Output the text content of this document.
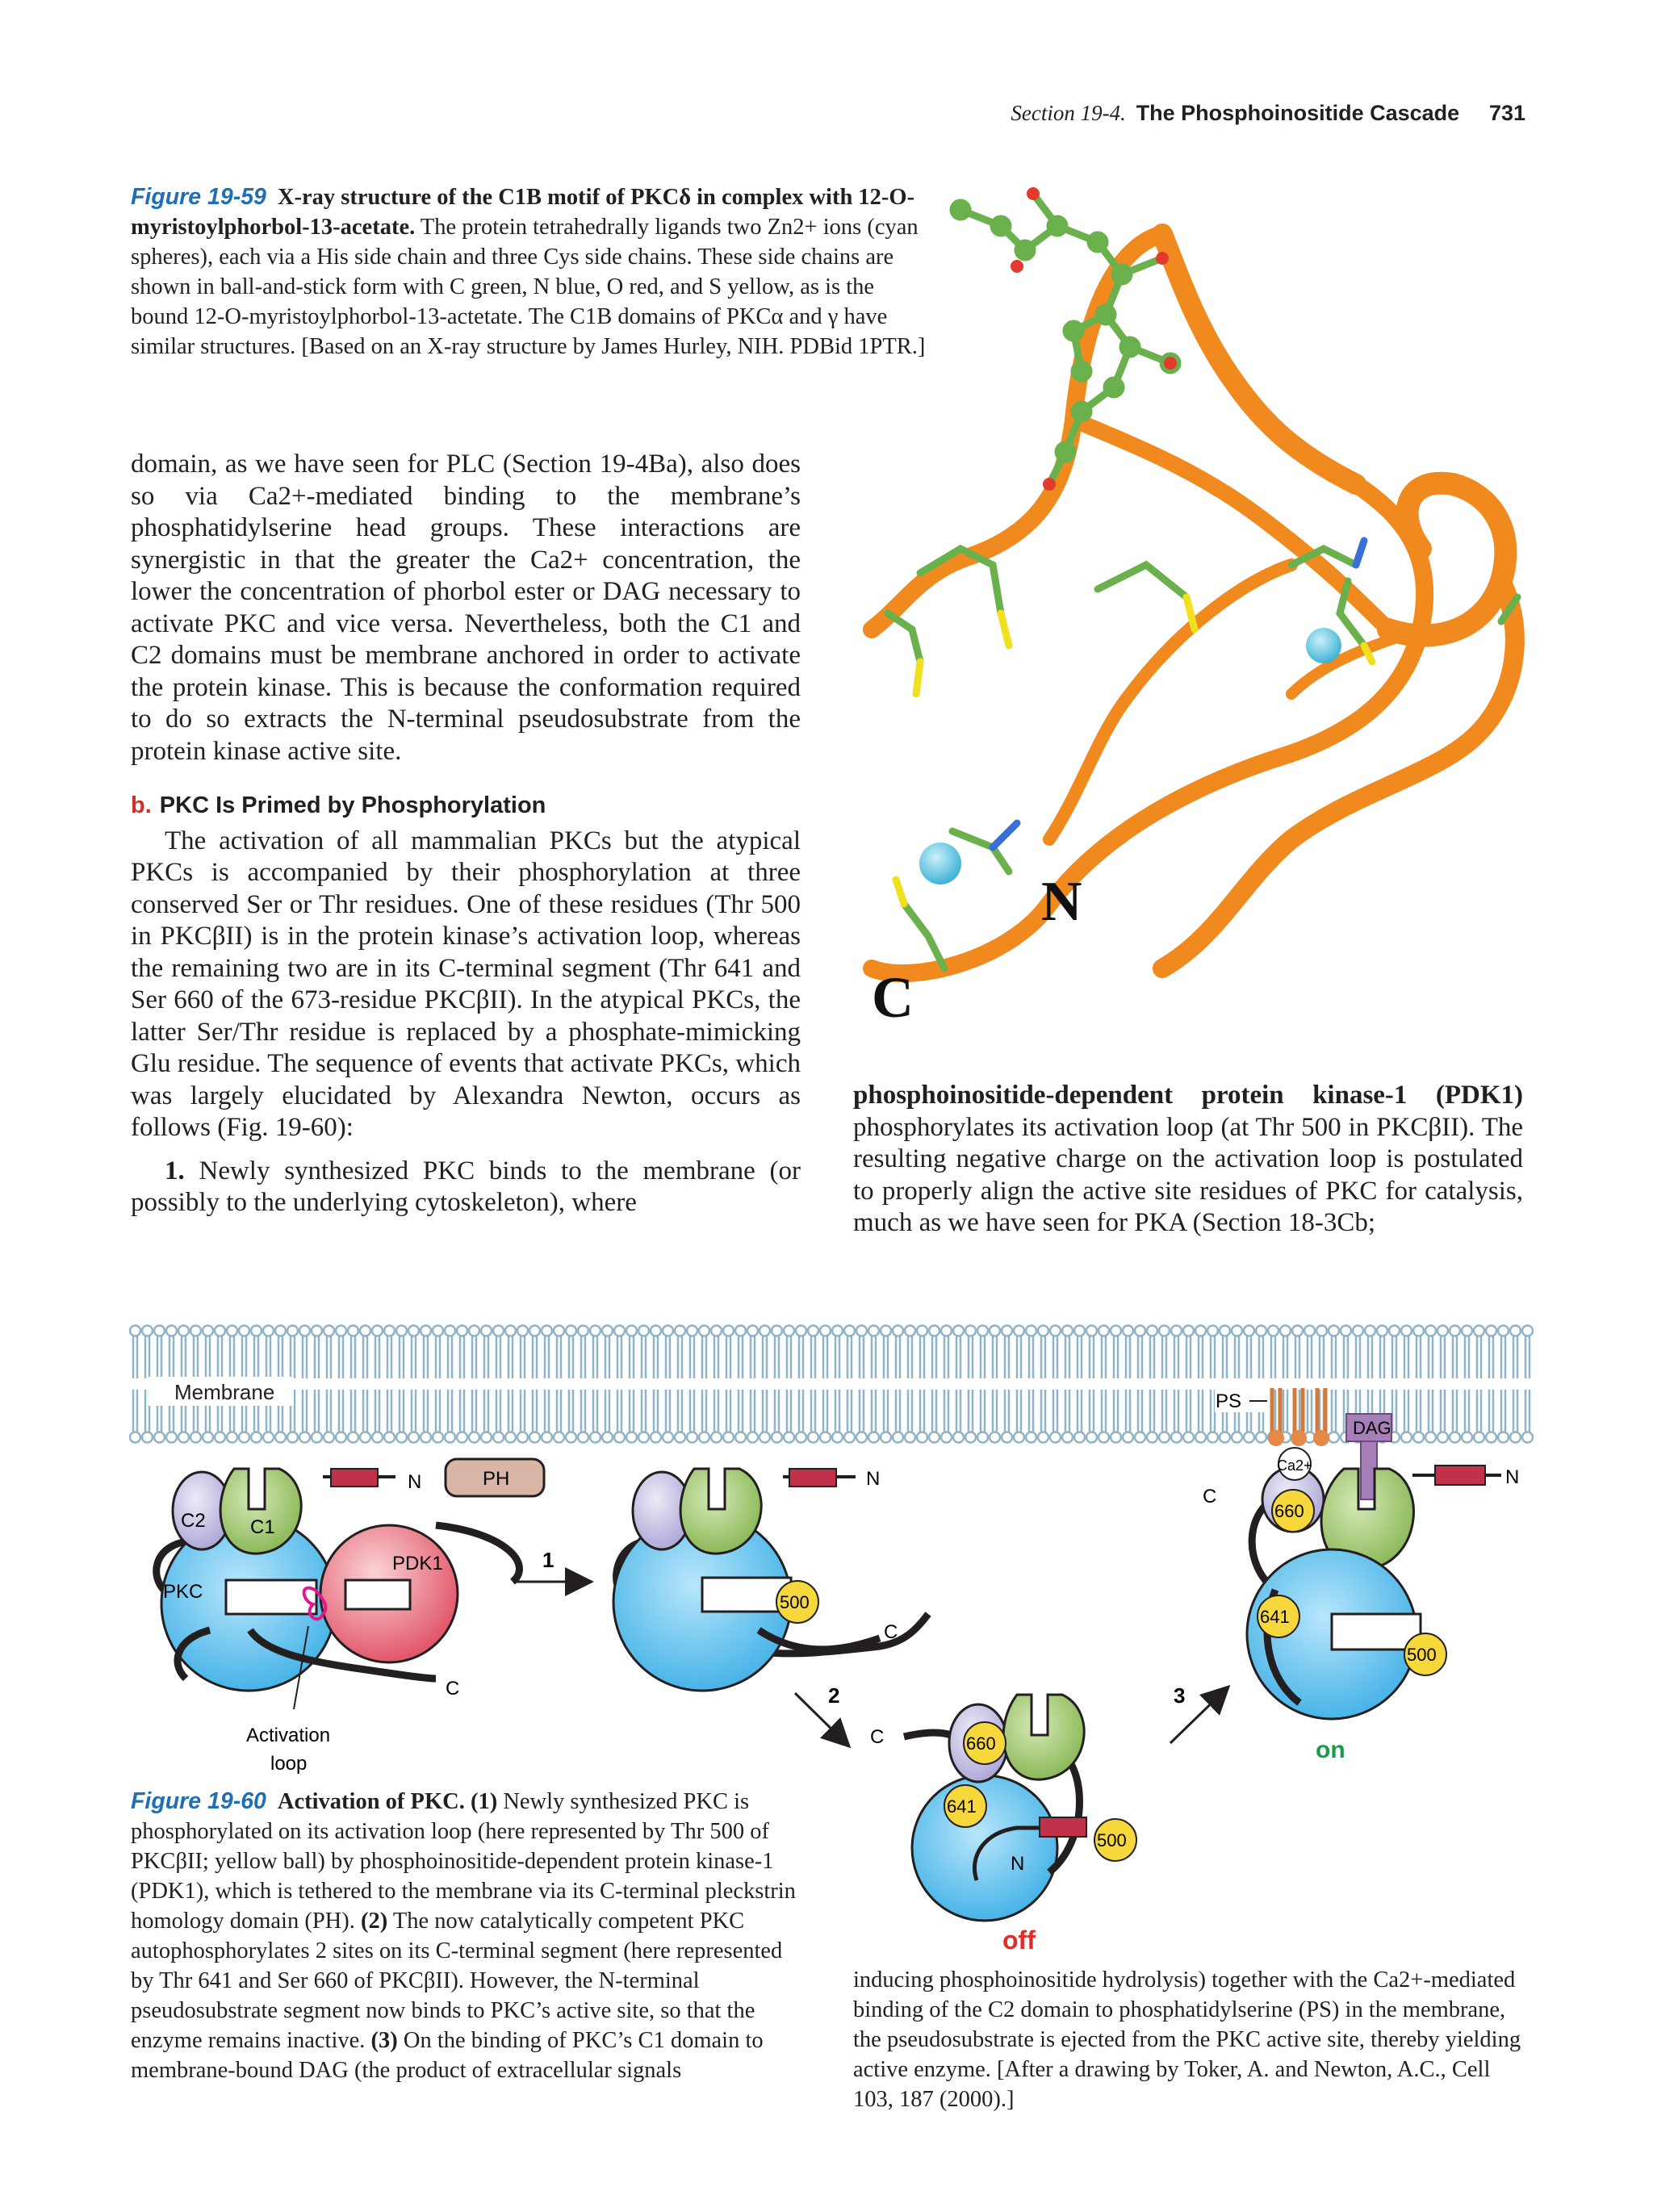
Section 19-4. The Phosphoinositide Cascade 731
Figure 19-59 X-ray structure of the C1B motif of PKCδ in complex with 12-O-myristoylphorbol-13-acetate. The protein tetrahedrally ligands two Zn2+ ions (cyan spheres), each via a His side chain and three Cys side chains. These side chains are shown in ball-and-stick form with C green, N blue, O red, and S yellow, as is the bound 12-O-myristoylphorbol-13-actetate. The C1B domains of PKCα and γ have similar structures. [Based on an X-ray structure by James Hurley, NIH. PDBid 1PTR.]
N
C

domain, as we have seen for PLC (Section 19-4Ba), also does so via Ca2+-mediated binding to the membrane’s phosphatidylserine head groups. These interactions are synergistic in that the greater the Ca2+ concentration, the lower the concentration of phorbol ester or DAG necessary to activate PKC and vice versa. Nevertheless, both the C1 and C2 domains must be membrane anchored in order to activate the protein kinase. This is because the conformation required to do so extracts the N-terminal pseudosubstrate from the protein kinase active site.

b. PKC Is Primed by Phosphorylation

The activation of all mammalian PKCs but the atypical PKCs is accompanied by their phosphorylation at three conserved Ser or Thr residues. One of these residues (Thr 500 in PKCβII) is in the protein kinase’s activation loop, whereas the remaining two are in its C-terminal segment (Thr 641 and Ser 660 of the 673-residue PKCβII). In the atypical PKCs, the latter Ser/Thr residue is replaced by a phosphate-mimicking Glu residue. The sequence of events that activate PKCs, which was largely elucidated by Alexandra Newton, occurs as follows (Fig. 19-60):

1. Newly synthesized PKC binds to the membrane (or possibly to the underlying cytoskeleton), where

phosphoinositide-dependent protein kinase-1 (PDK1) phosphorylates its activation loop (at Thr 500 in PKCβII). The resulting negative charge on the activation loop is postulated to properly align the active site residues of PKC for catalysis, much as we have seen for PKA (Section 18-3Cb;

Membrane	PS
DAG
C2 C1
PKC
N
PDK1
PH
Activation
loop
C
1
N
500
C
2
C	660
641
500
N
off
3
C
Ca2+
660
N
641
500
on
Figure 19-60 Activation of PKC. (1) Newly synthesized PKC is phosphorylated on its activation loop (here represented by Thr 500 of PKCβII; yellow ball) by phosphoinositide-dependent protein kinase-1 (PDK1), which is tethered to the membrane via its C-terminal pleckstrin homology domain (PH). (2) The now catalytically competent PKC autophosphorylates 2 sites on its C-terminal segment (here represented by Thr 641 and Ser 660 of PKCβII). However, the N-terminal pseudosubstrate segment now binds to PKC’s active site, so that the enzyme remains inactive. (3) On the binding of PKC’s C1 domain to membrane-bound DAG (the product of extracellular signals
inducing phosphoinositide hydrolysis) together with the Ca2+-mediated binding of the C2 domain to phosphatidylserine (PS) in the membrane, the pseudosubstrate is ejected from the PKC active site, thereby yielding active enzyme. [After a drawing by Toker, A. and Newton, A.C., Cell 103, 187 (2000).]
